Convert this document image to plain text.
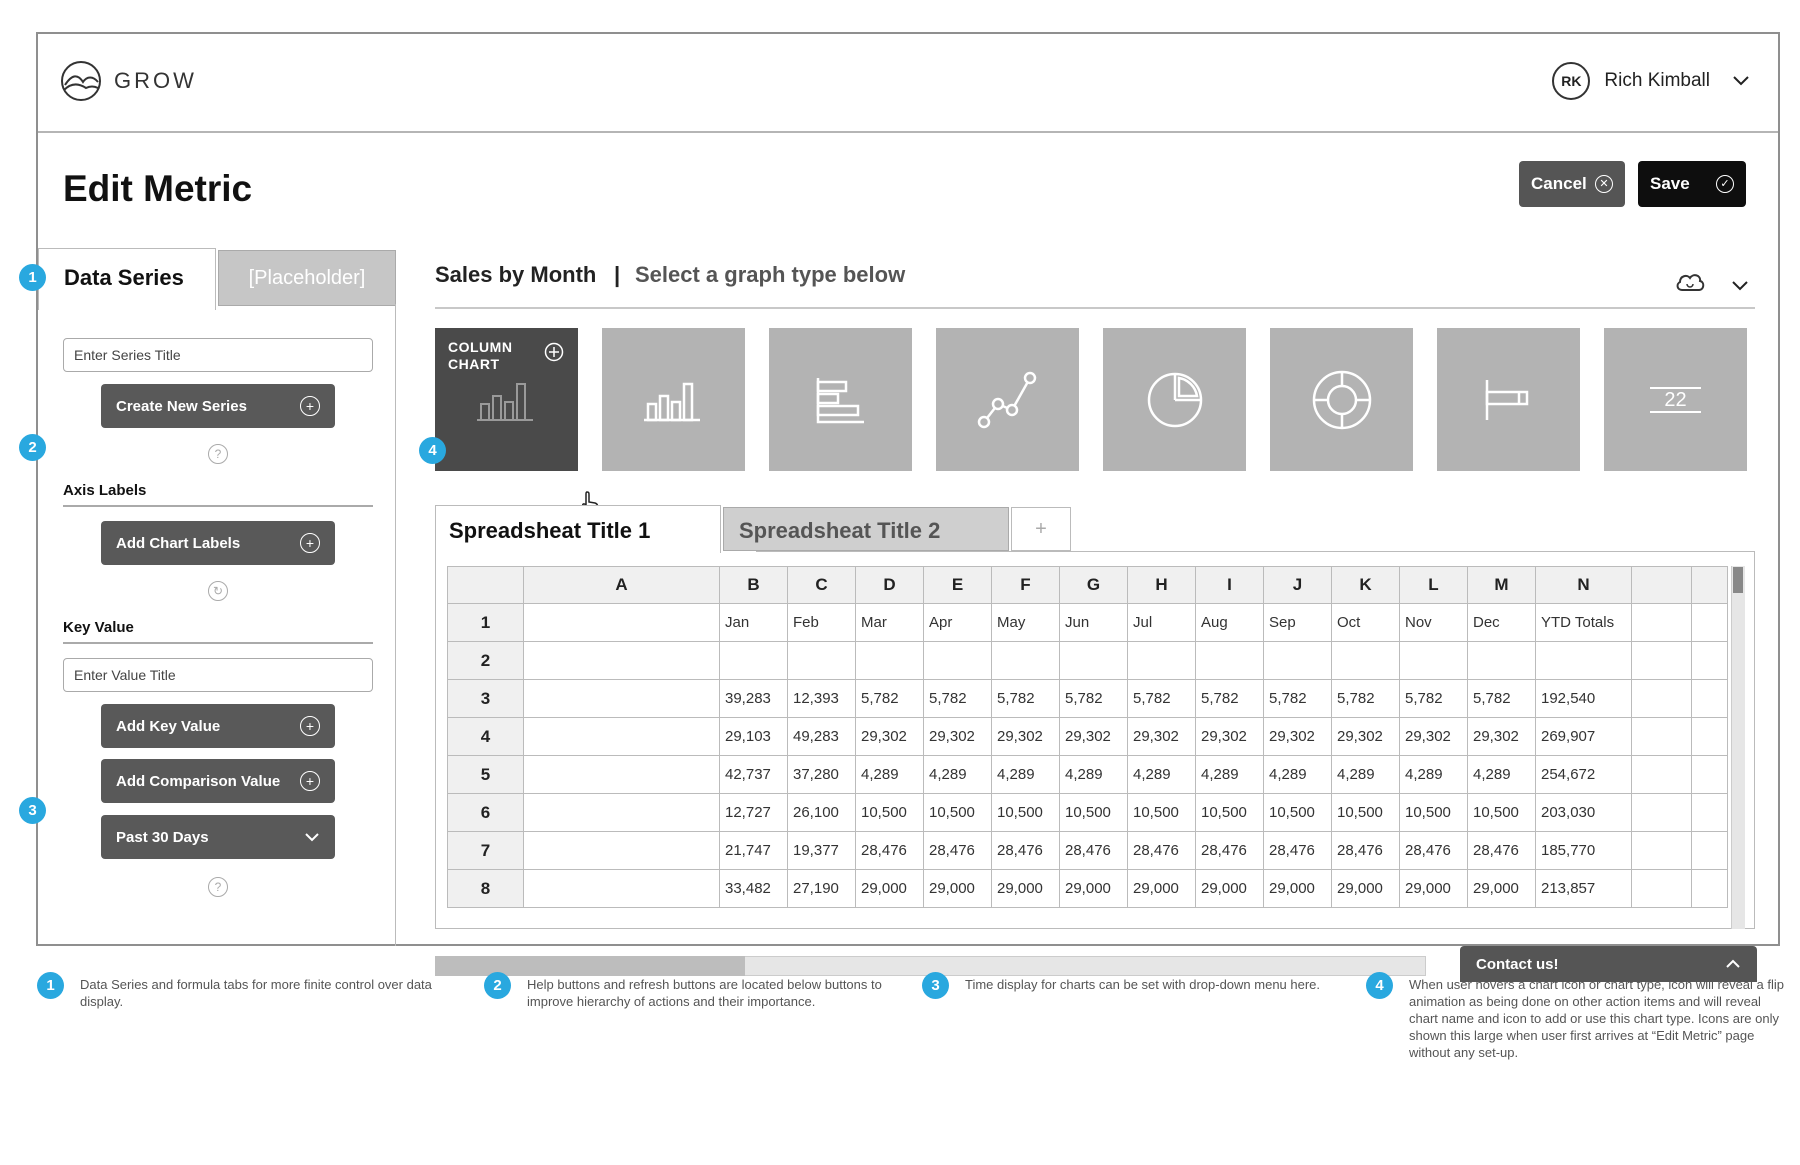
GROW	RK	Rich Kimball
Edit Metric	Cancel	✕ Save	✓
Data Series	[Placeholder]
Enter Series Title
Create New Series	+
?
Axis Labels
Add Chart Labels	+
↻
Key Value
Enter Value Title
Add Key Value	+
Add Comparison Value	+
Past 30 Days
?
Sales by Month | Select a graph type below
COLUMN
CHART
22
Spreadsheat Title 2	+
Spreadsheat Title 1
	A	B	C	D	E	F	G	H	I	J	K	L	M	N		
1		Jan	Feb	Mar	Apr	May	Jun	Jul	Aug	Sep	Oct	Nov	Dec	YTD Totals		
2																
3		39,283	12,393	5,782	5,782	5,782	5,782	5,782	5,782	5,782	5,782	5,782	5,782	192,540		
4		29,103	49,283	29,302	29,302	29,302	29,302	29,302	29,302	29,302	29,302	29,302	29,302	269,907		
5		42,737	37,280	4,289	4,289	4,289	4,289	4,289	4,289	4,289	4,289	4,289	4,289	254,672		
6		12,727	26,100	10,500	10,500	10,500	10,500	10,500	10,500	10,500	10,500	10,500	10,500	203,030		
7		21,747	19,377	28,476	28,476	28,476	28,476	28,476	28,476	28,476	28,476	28,476	28,476	185,770		
8		33,482	27,190	29,000	29,000	29,000	29,000	29,000	29,000	29,000	29,000	29,000	29,000	213,857		
Contact us!
1
2
3
4
1	Data Series and formula tabs for more finite control over data display.
2	Help buttons and refresh buttons are located below buttons to improve hierarchy of actions and their importance.
3	Time display for charts can be set with drop-down menu here.	4	When user hovers a chart icon or chart type, icon will reveal a flip animation as being done on other action items and will reveal chart name and icon to add or use this chart type. Icons are only shown this large when user first arrives at “Edit Metric” page without any set-up.
